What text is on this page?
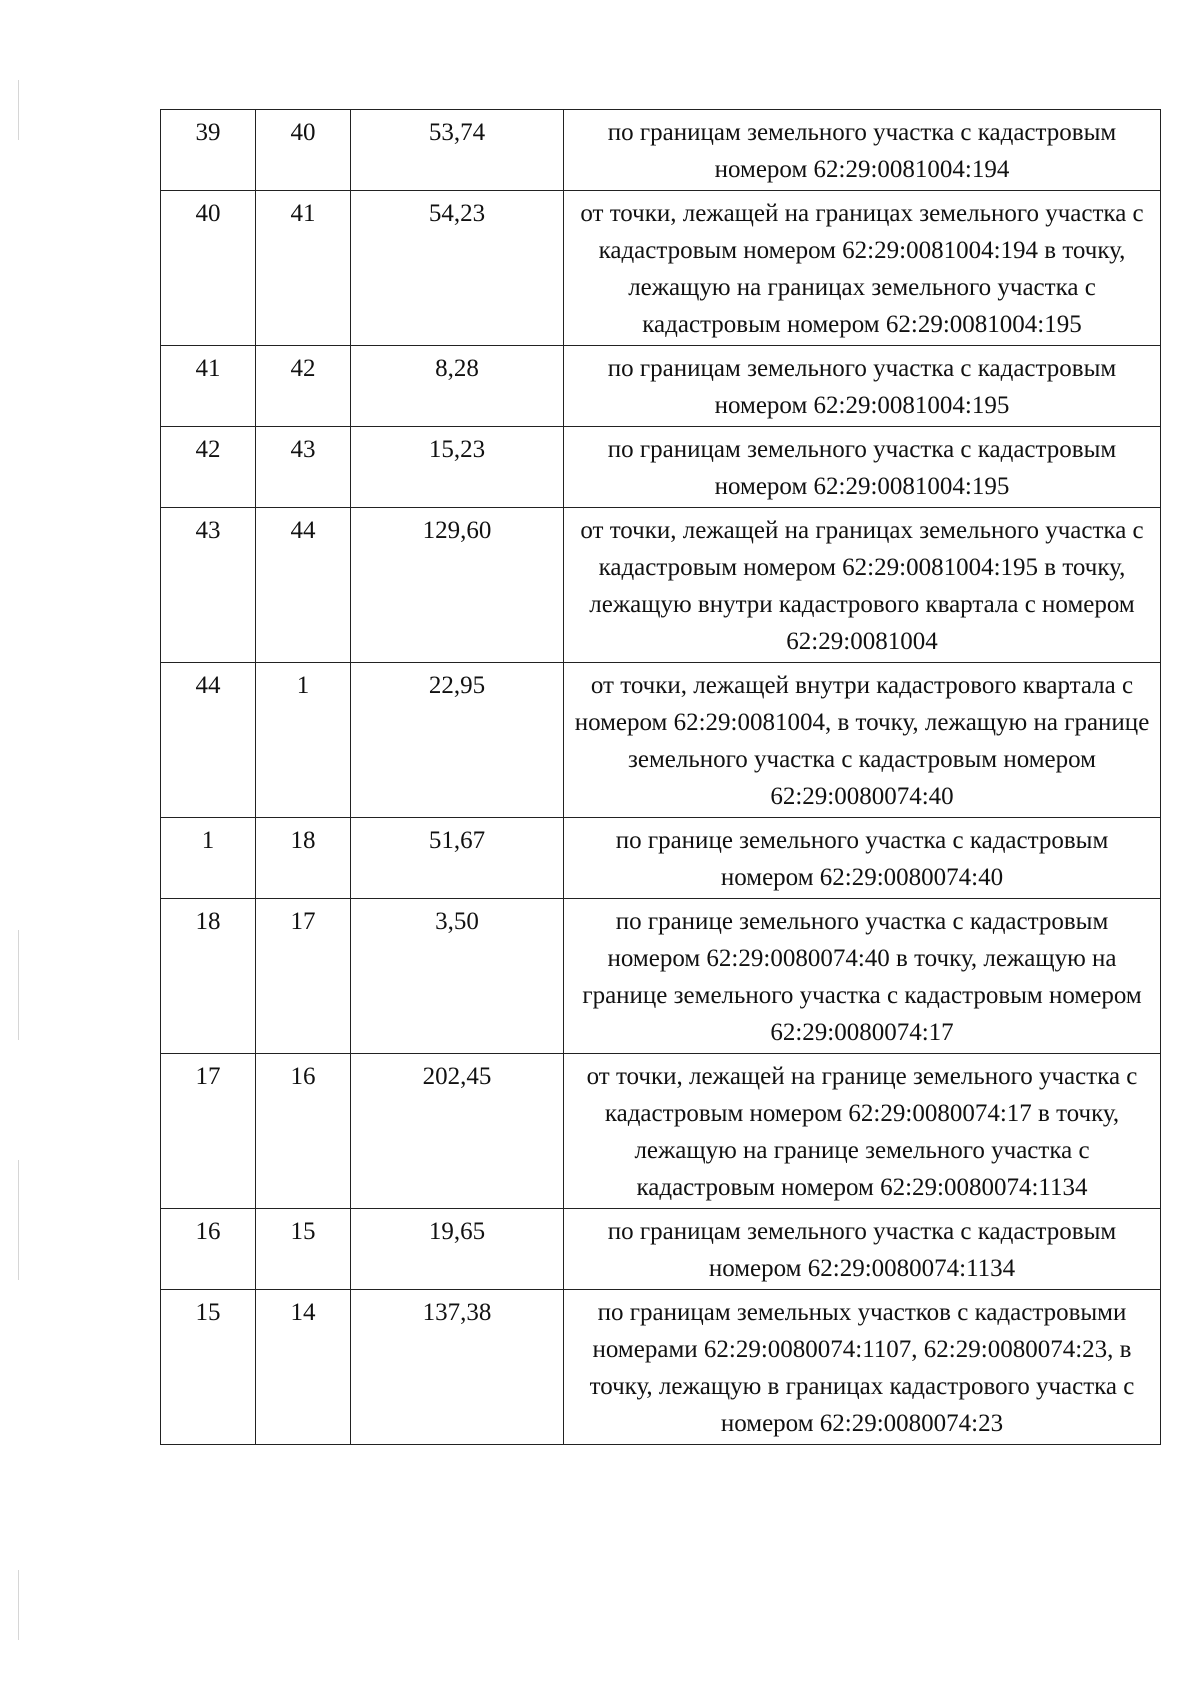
39	40	53,74	по границам земельного участка с кадастровым номером 62:29:0081004:194
40	41	54,23	от точки, лежащей на границах земельного участка с кадастровым номером 62:29:0081004:194 в точку, лежащую на границах земельного участка с кадастровым номером 62:29:0081004:195
41	42	8,28	по границам земельного участка с кадастровым номером 62:29:0081004:195
42	43	15,23	по границам земельного участка с кадастровым номером 62:29:0081004:195
43	44	129,60	от точки, лежащей на границах земельного участка с кадастровым номером 62:29:0081004:195 в точку, лежащую внутри кадастрового квартала с номером 62:29:0081004
44	1	22,95	от точки, лежащей внутри кадастрового квартала с номером 62:29:0081004, в точку, лежащую на границе земельного участка с кадастровым номером 62:29:0080074:40
1	18	51,67	по границе земельного участка с кадастровым номером 62:29:0080074:40
18	17	3,50	по границе земельного участка с кадастровым номером 62:29:0080074:40 в точку, лежащую на границе земельного участка с кадастровым номером 62:29:0080074:17
17	16	202,45	от точки, лежащей на границе земельного участка с кадастровым номером 62:29:0080074:17 в точку, лежащую на границе земельного участка с кадастровым номером 62:29:0080074:1134
16	15	19,65	по границам земельного участка с кадастровым номером 62:29:0080074:1134
15	14	137,38	по границам земельных участков с кадастровыми номерами 62:29:0080074:1107, 62:29:0080074:23, в точку, лежащую в границах кадастрового участка с номером 62:29:0080074:23
